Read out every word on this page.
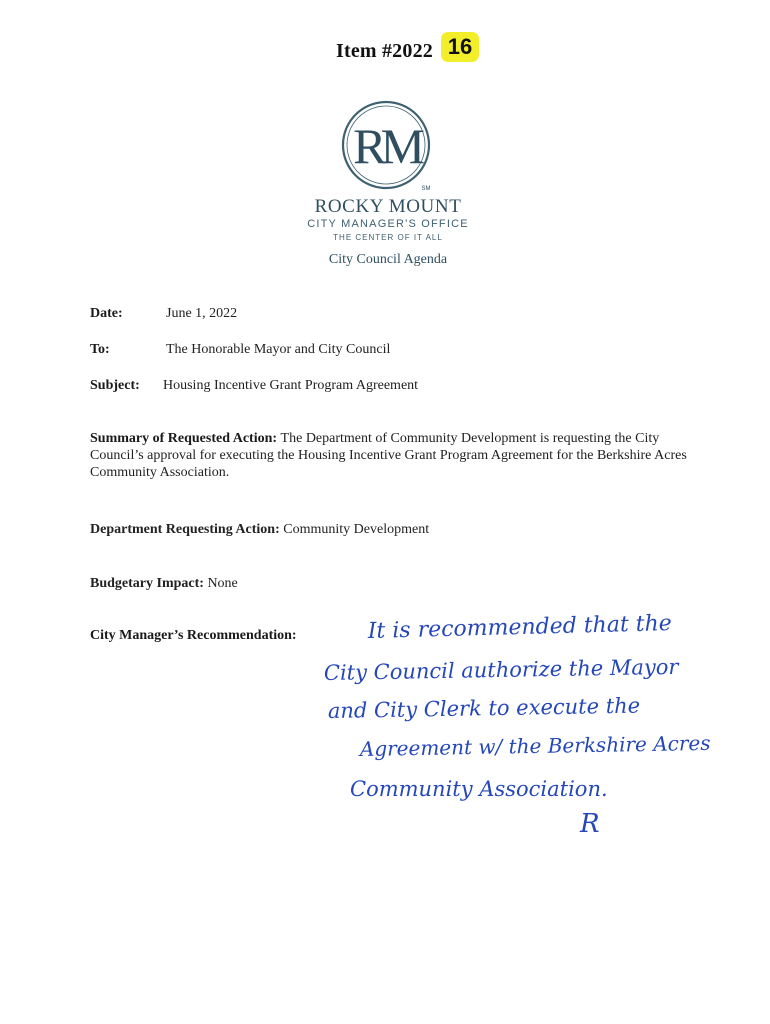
Item #2022 16
RM
SM
ROCKY MOUNT
CITY MANAGER'S OFFICE
THE CENTER OF IT ALL
City Council Agenda
Date:	June 1, 2022
To:	The Honorable Mayor and City Council
Subject: Housing Incentive Grant Program Agreement
Summary of Requested Action: The Department of Community Development is requesting the City Council’s approval for executing the Housing Incentive Grant Program Agreement for the Berkshire Acres Community Association.
Department Requesting Action: Community Development
Budgetary Impact: None
City Manager’s Recommendation:	It is recommended that the
City Council authorize the Mayor
and City Clerk to execute the
Agreement w/ the Berkshire Acres
Community Association.
R
